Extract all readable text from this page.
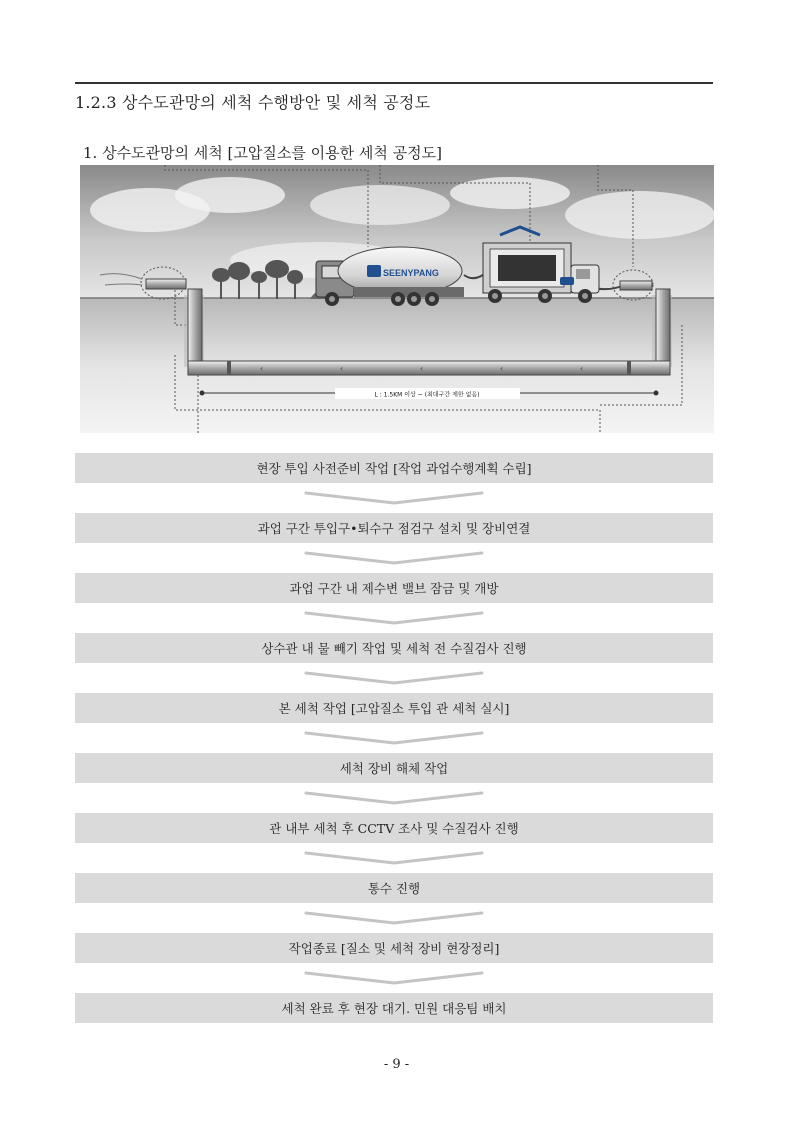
1.2.3 상수도관망의 세척 수행방안 및 세척 공정도
1. 상수도관망의 세척 [고압질소를 이용한 세척 공정도]
SEENYPANG
‹	‹	‹	‹	‹
L : 1.5KM 이상 ~ (최대구간 제한 없음)
현장 투입 사전준비 작업 [작업 과업수행계획 수립]
과업 구간 투입구•퇴수구 점검구 설치 및 장비연결
과업 구간 내 제수변 밸브 잠금 및 개방
상수관 내 물 빼기 작업 및 세척 전 수질검사 진행
본 세척 작업 [고압질소 투입 관 세척 실시]
세척 장비 해체 작업
관 내부 세척 후 CCTV 조사 및 수질검사 진행
통수 진행
작업종료 [질소 및 세척 장비 현장정리]
세척 완료 후 현장 대기. 민원 대응팀 배치
- 9 -
